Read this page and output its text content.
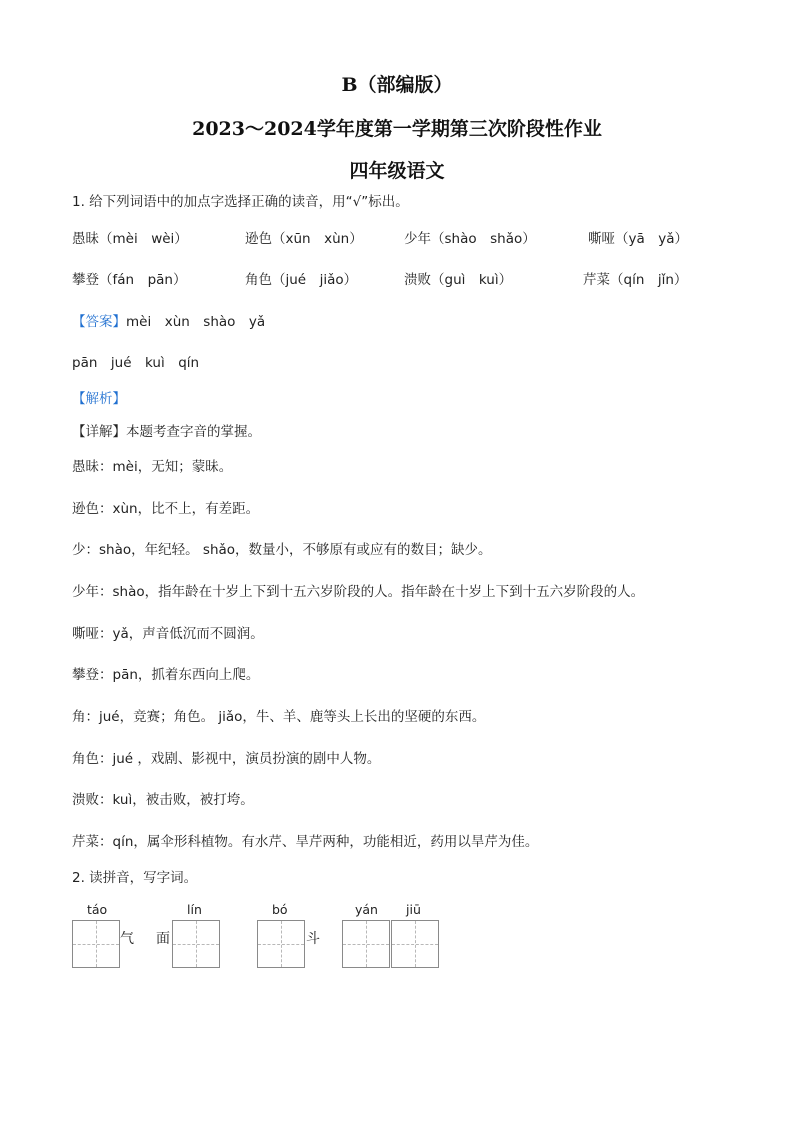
B（部编版）
2023～2024学年度第一学期第三次阶段性作业
四年级语文
1. 给下列词语中的加点字选择正确的读音，用“√”标出。
愚昧（mèi　wèi）	逊色（xūn　xùn）	少年（shào　shǎo）	嘶哑（yā　yǎ）
攀登（fán　pān）	角色（jué　jiǎo）	溃败（guì　kuì）	芹菜（qín　jǐn）
【答案】mèi　xùn　shào　yǎ
pān　jué　kuì　qín
【解析】
【详解】本题考查字音的掌握。
愚昧：mèi，无知；蒙昧。
逊色：xùn，比不上，有差距。
少：shào，年纪轻。 shǎo，数量小，不够原有或应有的数目；缺少。
少年：shào，指年龄在十岁上下到十五六岁阶段的人。指年龄在十岁上下到十五六岁阶段的人。
嘶哑：yǎ，声音低沉而不圆润。
攀登：pān，抓着东西向上爬。
角：jué，竞赛；角色。 jiǎo，牛、羊、鹿等头上长出的坚硬的东西。
角色：jué ，戏剧、影视中，演员扮演的剧中人物。
溃败：kuì，被击败，被打垮。
芹菜：qín，属伞形科植物。有水芹、旱芹两种，功能相近，药用以旱芹为佳。
2. 读拼音，写字词。
táo	lín	bó	yán jiū
气 面	斗
